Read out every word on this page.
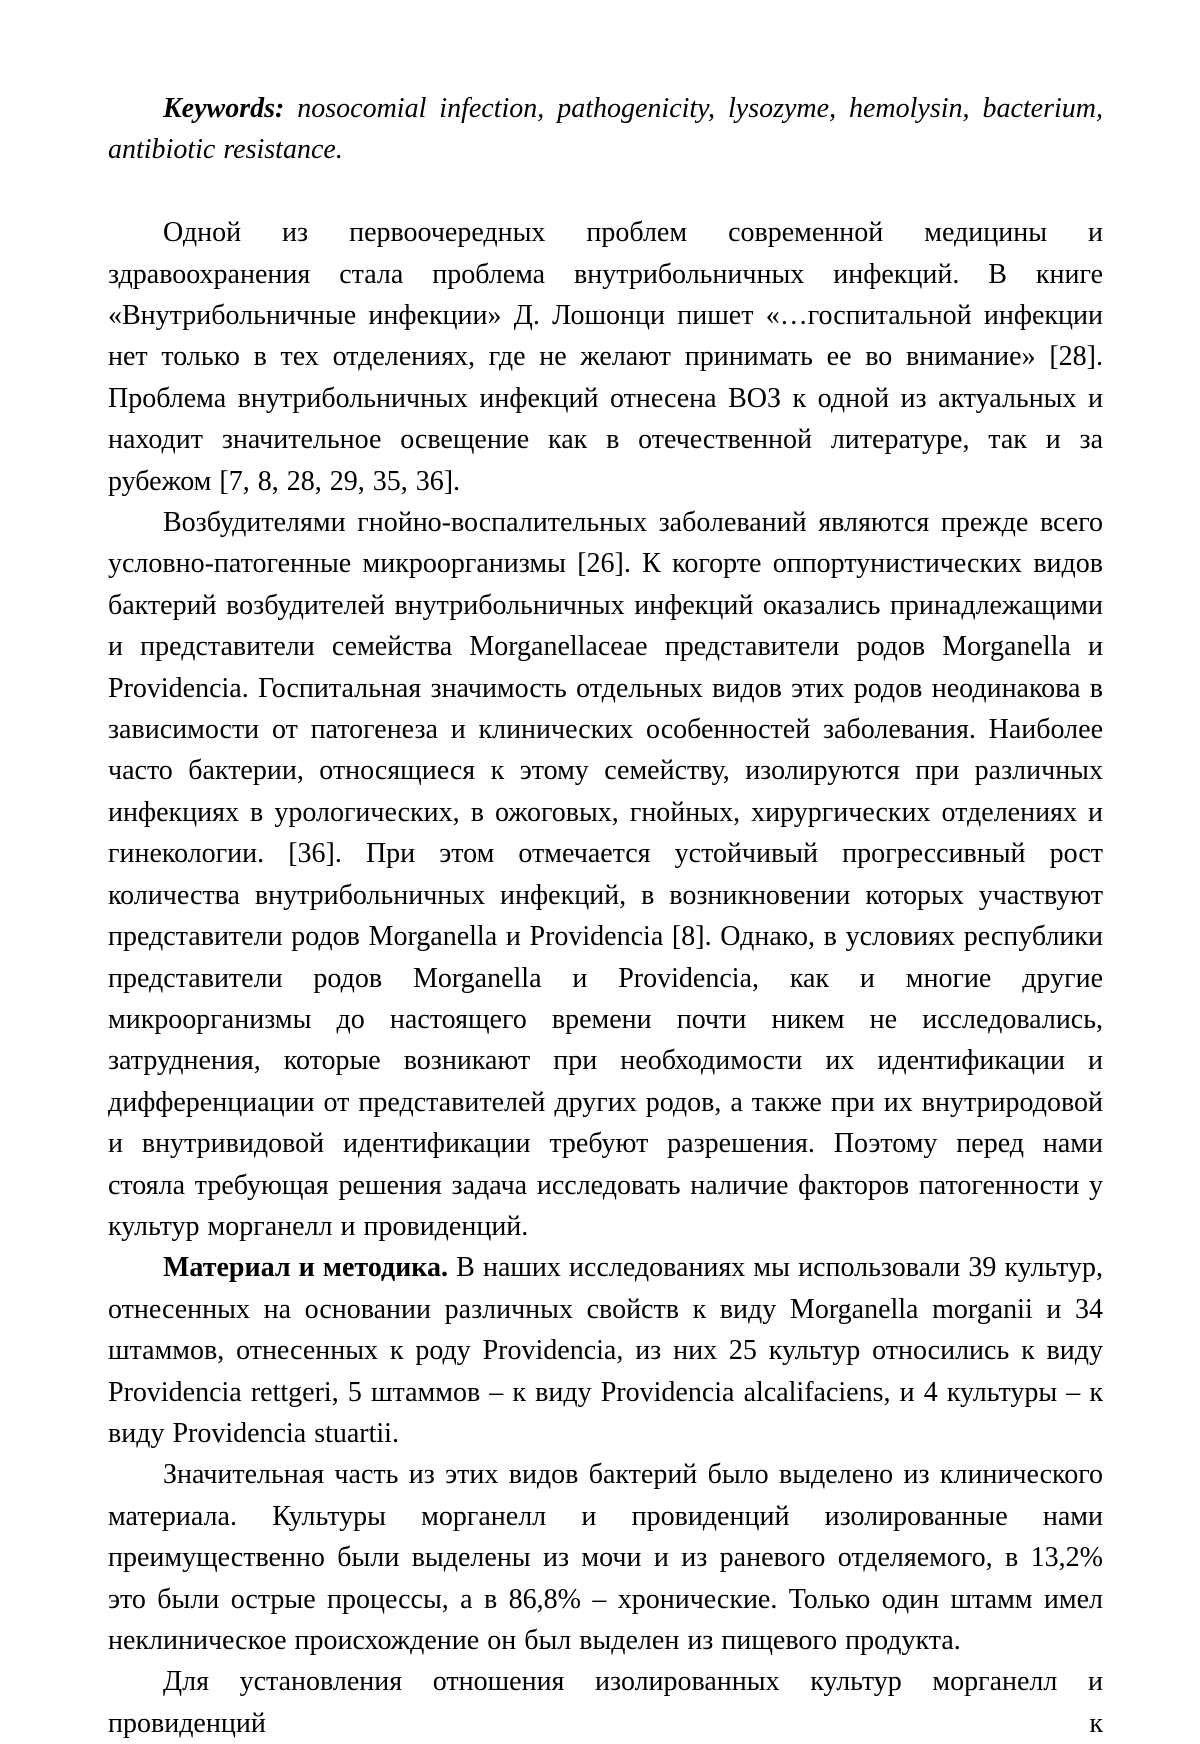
Keywords: nosocomial infection, pathogenicity, lysozyme, hemolysin, bacterium, antibiotic resistance.

Одной из первоочередных проблем современной медицины и здравоохранения стала проблема внутрибольничных инфекций. В книге «Внутрибольничные инфекции» Д. Лошонци пишет «…госпитальной инфекции нет только в тех отделениях, где не желают принимать ее во внимание» [28]. Проблема внутрибольничных инфекций отнесена ВОЗ к одной из актуальных и находит значительное освещение как в отечественной литературе, так и за рубежом [7, 8, 28, 29, 35, 36].

Возбудителями гнойно-воспалительных заболеваний являются прежде всего условно-патогенные микроорганизмы [26]. К когорте оппортунистических видов бактерий возбудителей внутрибольничных инфекций оказались принадлежащими и представители семейства Morganellaceae представители родов Morganella и Providencia. Госпитальная значимость отдельных видов этих родов неодинакова в зависимости от патогенеза и клинических особенностей заболевания. Наиболее часто бактерии, относящиеся к этому семейству, изолируются при различных инфекциях в урологических, в ожоговых, гнойных, хирургических отделениях и гинекологии. [36]. При этом отмечается устойчивый прогрессивный рост количества внутрибольничных инфекций, в возникновении которых участвуют представители родов Morganella и Providencia [8]. Однако, в условиях республики представители родов Morganella и Providencia, как и многие другие микроорганизмы до настоящего времени почти никем не исследовались, затруднения, которые возникают при необходимости их идентификации и дифференциации от представителей других родов, а также при их внутриродовой и внутривидовой идентификации требуют разрешения. Поэтому перед нами стояла требующая решения задача исследовать наличие факторов патогенности у культур морганелл и провиденций.

Материал и методика. В наших исследованиях мы использовали 39 культур, отнесенных на основании различных свойств к виду Morganella morganii и 34 штаммов, отнесенных к роду Providencia, из них 25 культур относились к виду Providencia rettgeri, 5 штаммов – к виду Providencia alcalifaciens, и 4 культуры – к виду Providencia stuartii.

Значительная часть из этих видов бактерий было выделено из клинического материала. Культуры морганелл и провиденций изолированные нами преимущественно были выделены из мочи и из раневого отделяемого, в 13,2% это были острые процессы, а в 86,8% – хронические. Только один штамм имел неклиническое происхождение он был выделен из пищевого продукта.

Для установления отношения изолированных культур морганелл и провиденций к
